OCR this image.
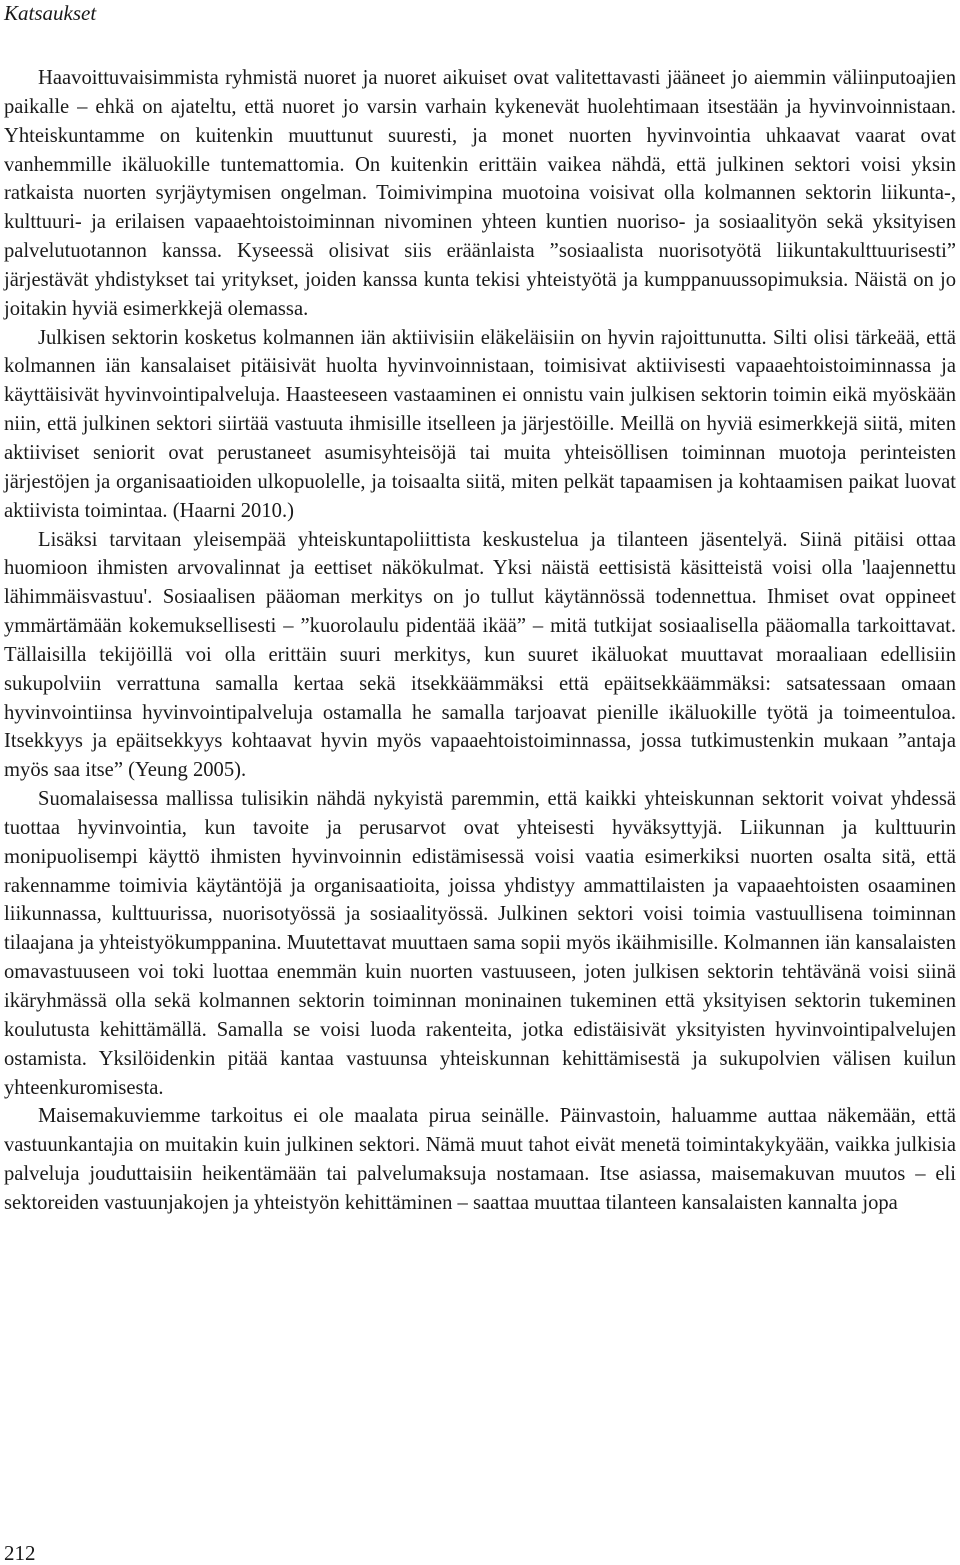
Katsaukset

Haavoittuvaisimmista ryhmistä nuoret ja nuoret aikuiset ovat valitettavasti jääneet jo aiemmin väliinputoajien paikalle – ehkä on ajateltu, että nuoret jo varsin varhain kykenevät huolehtimaan itsestään ja hyvinvoinnistaan. Yhteiskuntamme on kuitenkin muuttunut suuresti, ja monet nuorten hyvinvointia uhkaavat vaarat ovat vanhemmille ikäluokille tuntemattomia. On kuitenkin erittäin vaikea nähdä, että julkinen sektori voisi yksin ratkaista nuorten syrjäytymisen ongelman. Toimivimpina muotoina voisivat olla kolmannen sektorin liikunta-, kulttuuri- ja erilaisen vapaaehtoistoiminnan nivominen yhteen kuntien nuoriso- ja sosiaalityön sekä yksityisen palvelutuotannon kanssa. Kyseessä olisivat siis eräänlaista ”sosiaalista nuorisotyötä liikuntakulttuurisesti” järjestävät yhdistykset tai yritykset, joiden kanssa kunta tekisi yhteistyötä ja kumppanuussopimuksia. Näistä on jo joitakin hyviä esimerkkejä olemassa.

Julkisen sektorin kosketus kolmannen iän aktiivisiin eläkeläisiin on hyvin rajoittunutta. Silti olisi tärkeää, että kolmannen iän kansalaiset pitäisivät huolta hyvinvoinnistaan, toimisivat aktiivisesti vapaaehtoistoiminnassa ja käyttäisivät hyvinvointipalveluja. Haasteeseen vastaaminen ei onnistu vain julkisen sektorin toimin eikä myöskään niin, että julkinen sektori siirtää vastuuta ihmisille itselleen ja järjestöille. Meillä on hyviä esimerkkejä siitä, miten aktiiviset seniorit ovat perustaneet asumisyhteisöjä tai muita yhteisöllisen toiminnan muotoja perinteisten järjestöjen ja organisaatioiden ulkopuolelle, ja toisaalta siitä, miten pelkät tapaamisen ja kohtaamisen paikat luovat aktiivista toimintaa. (Haarni 2010.)

Lisäksi tarvitaan yleisempää yhteiskuntapoliittista keskustelua ja tilanteen jäsentelyä. Siinä pitäisi ottaa huomioon ihmisten arvovalinnat ja eettiset näkökulmat. Yksi näistä eettisistä käsitteistä voisi olla 'laajennettu lähimmäisvastuu'. Sosiaalisen pääoman merkitys on jo tullut käytännössä todennettua. Ihmiset ovat oppineet ymmärtämään kokemuksellisesti – ”kuorolaulu pidentää ikää” – mitä tutkijat sosiaalisella pääomalla tarkoittavat. Tällaisilla tekijöillä voi olla erittäin suuri merkitys, kun suuret ikäluokat muuttavat moraaliaan edellisiin sukupolviin verrattuna samalla kertaa sekä itsekkäämmäksi että epäitsekkäämmäksi: satsatessaan omaan hyvinvointiinsa hyvinvointipalveluja ostamalla he samalla tarjoavat pienille ikäluokille työtä ja toimeentuloa. Itsekkyys ja epäitsekkyys kohtaavat hyvin myös vapaaehtoistoiminnassa, jossa tutkimustenkin mukaan ”antaja myös saa itse” (Yeung 2005).

Suomalaisessa mallissa tulisikin nähdä nykyistä paremmin, että kaikki yhteiskunnan sektorit voivat yhdessä tuottaa hyvinvointia, kun tavoite ja perusarvot ovat yhteisesti hyväksyttyjä. Liikunnan ja kulttuurin monipuolisempi käyttö ihmisten hyvinvoinnin edistämisessä voisi vaatia esimerkiksi nuorten osalta sitä, että rakennamme toimivia käytäntöjä ja organisaatioita, joissa yhdistyy ammattilaisten ja vapaaehtoisten osaaminen liikunnassa, kulttuurissa, nuorisotyössä ja sosiaalityössä. Julkinen sektori voisi toimia vastuullisena toiminnan tilaajana ja yhteistyökumppanina. Muutettavat muuttaen sama sopii myös ikäihmisille. Kolmannen iän kansalaisten omavastuuseen voi toki luottaa enemmän kuin nuorten vastuuseen, joten julkisen sektorin tehtävänä voisi siinä ikäryhmässä olla sekä kolmannen sektorin toiminnan moninainen tukeminen että yksityisen sektorin tukeminen koulutusta kehittämällä. Samalla se voisi luoda rakenteita, jotka edistäisivät yksityisten hyvinvointipalvelujen ostamista. Yksilöidenkin pitää kantaa vastuunsa yhteiskunnan kehittämisestä ja sukupolvien välisen kuilun yhteenkuromisesta.

Maisemakuviemme tarkoitus ei ole maalata pirua seinälle. Päinvastoin, haluamme auttaa näkemään, että vastuunkantajia on muitakin kuin julkinen sektori. Nämä muut tahot eivät menetä toimintakykyään, vaikka julkisia palveluja jouduttaisiin heikentämään tai palvelumaksuja nostamaan. Itse asiassa, maisemakuvan muutos – eli sektoreiden vastuunjakojen ja yhteistyön kehittäminen – saattaa muuttaa tilanteen kansalaisten kannalta jopa

212
